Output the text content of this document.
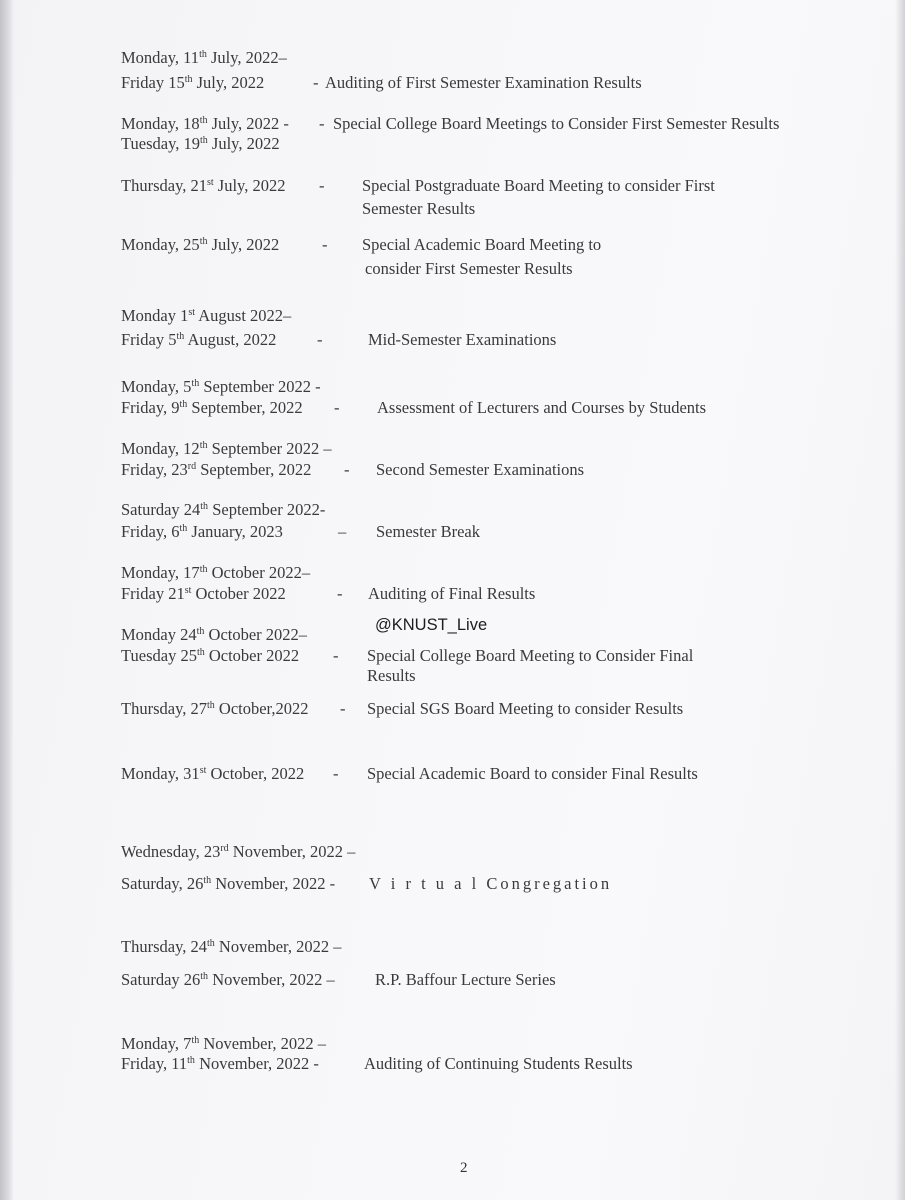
Monday, 11th July, 2022–
Friday 15th July, 2022	- Auditing of First Semester Examination Results
Monday, 18th July, 2022 - - Special College Board Meetings to Consider First Semester Results
Tuesday, 19th July, 2022
Thursday, 21st July, 2022 - Special Postgraduate Board Meeting to consider First
Semester Results
Monday, 25th July, 2022	- Special Academic Board Meeting to
consider First Semester Results
Monday 1st August 2022–
Friday 5th August, 2022 -	Mid-Semester Examinations
Monday, 5th September 2022 -
Friday, 9th September, 2022 - Assessment of Lecturers and Courses by Students
Monday, 12th September 2022 –
Friday, 23rd September, 2022 - Second Semester Examinations
Saturday 24th September 2022-
Friday, 6th January, 2023	– Semester Break
Monday, 17th October 2022–
Friday 21st October 2022	- Auditing of Final Results
@KNUST_Live
Monday 24th October 2022–
Tuesday 25th October 2022 - Special College Board Meeting to Consider Final
Results
Thursday, 27th October,2022 - Special SGS Board Meeting to consider Results
Monday, 31st October, 2022 - Special Academic Board to consider Final Results
Wednesday, 23rd November, 2022 –
Saturday, 26th November, 2022 - V i r t u a l Congregation
Thursday, 24th November, 2022 –
Saturday 26th November, 2022 – R.P. Baffour Lecture Series
Monday, 7th November, 2022 –
Friday, 11th November, 2022 -	Auditing of Continuing Students Results
2
